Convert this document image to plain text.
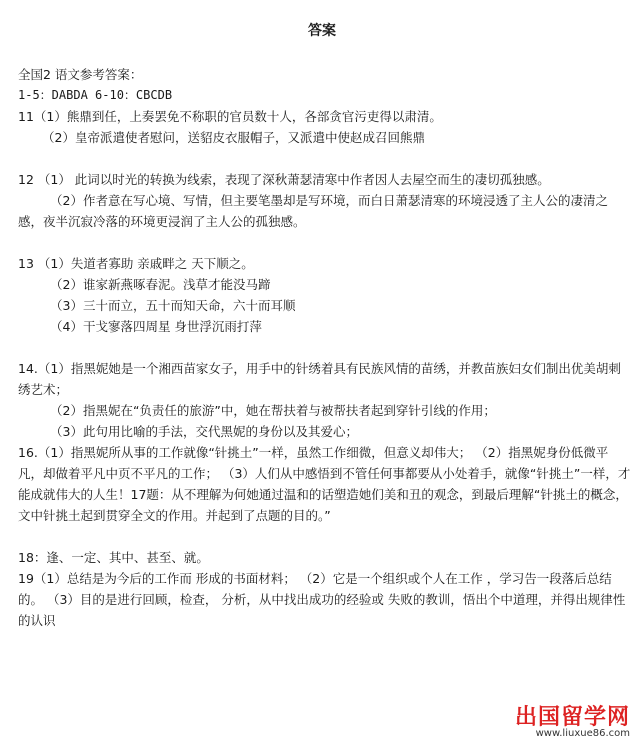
答案
全国2 语文参考答案：
1-5：DABDA 6-10：CBCDB
11（1）熊鼎到任，上奏罢免不称职的官员数十人，各部贪官污吏得以肃清。
（2）皇帝派遣使者慰问，送貂皮衣服帽子，又派遣中使赵成召回熊鼎
12 （1） 此词以时光的转换为线索，表现了深秋萧瑟清寒中作者因人去屋空而生的凄切孤独感。
（2）作者意在写心境、写情，但主要笔墨却是写环境，而白日萧瑟清寒的环境浸透了主人公的凄清之感，夜半沉寂冷落的环境更浸润了主人公的孤独感。
13 （1）失道者寡助 亲戚畔之 天下顺之。
（2）谁家新燕啄春泥。浅草才能没马蹄
（3）三十而立，五十而知天命，六十而耳顺
（4）干戈寥落四周星 身世浮沉雨打萍
14.（1）指黑妮她是一个湘西苗家女子，用手中的针绣着具有民族风情的苗绣，并教苗族妇女们制出优美胡刺绣艺术；
（2）指黑妮在“负责任的旅游”中，她在帮扶着与被帮扶者起到穿针引线的作用；
（3）此句用比喻的手法，交代黑妮的身份以及其爱心；
16.（1）指黑妮所从事的工作就像“针挑土”一样，虽然工作细微，但意义却伟大； （2）指黑妮身份低微平凡，却做着平凡中页不平凡的工作； （3）人们从中感悟到不管任何事都要从小处着手，就像“针挑土”一样，才能成就伟大的人生！17题：从不理解为何她通过温和的话塑造她们美和丑的观念，到最后理解“针挑土的概念，文中针挑土起到贯穿全文的作用。并起到了点题的目的。”
18：逢、一定、其中、甚至、就。
19（1）总结是为今后的工作而 形成的书面材料； （2）它是一个组织或个人在工作 ，学习告一段落后总结的。 （3）目的是进行回顾，检查， 分析，从中找出成功的经验或 失败的教训，悟出个中道理，并得出规律性的认识
出国留学网
www.liuxue86.com
